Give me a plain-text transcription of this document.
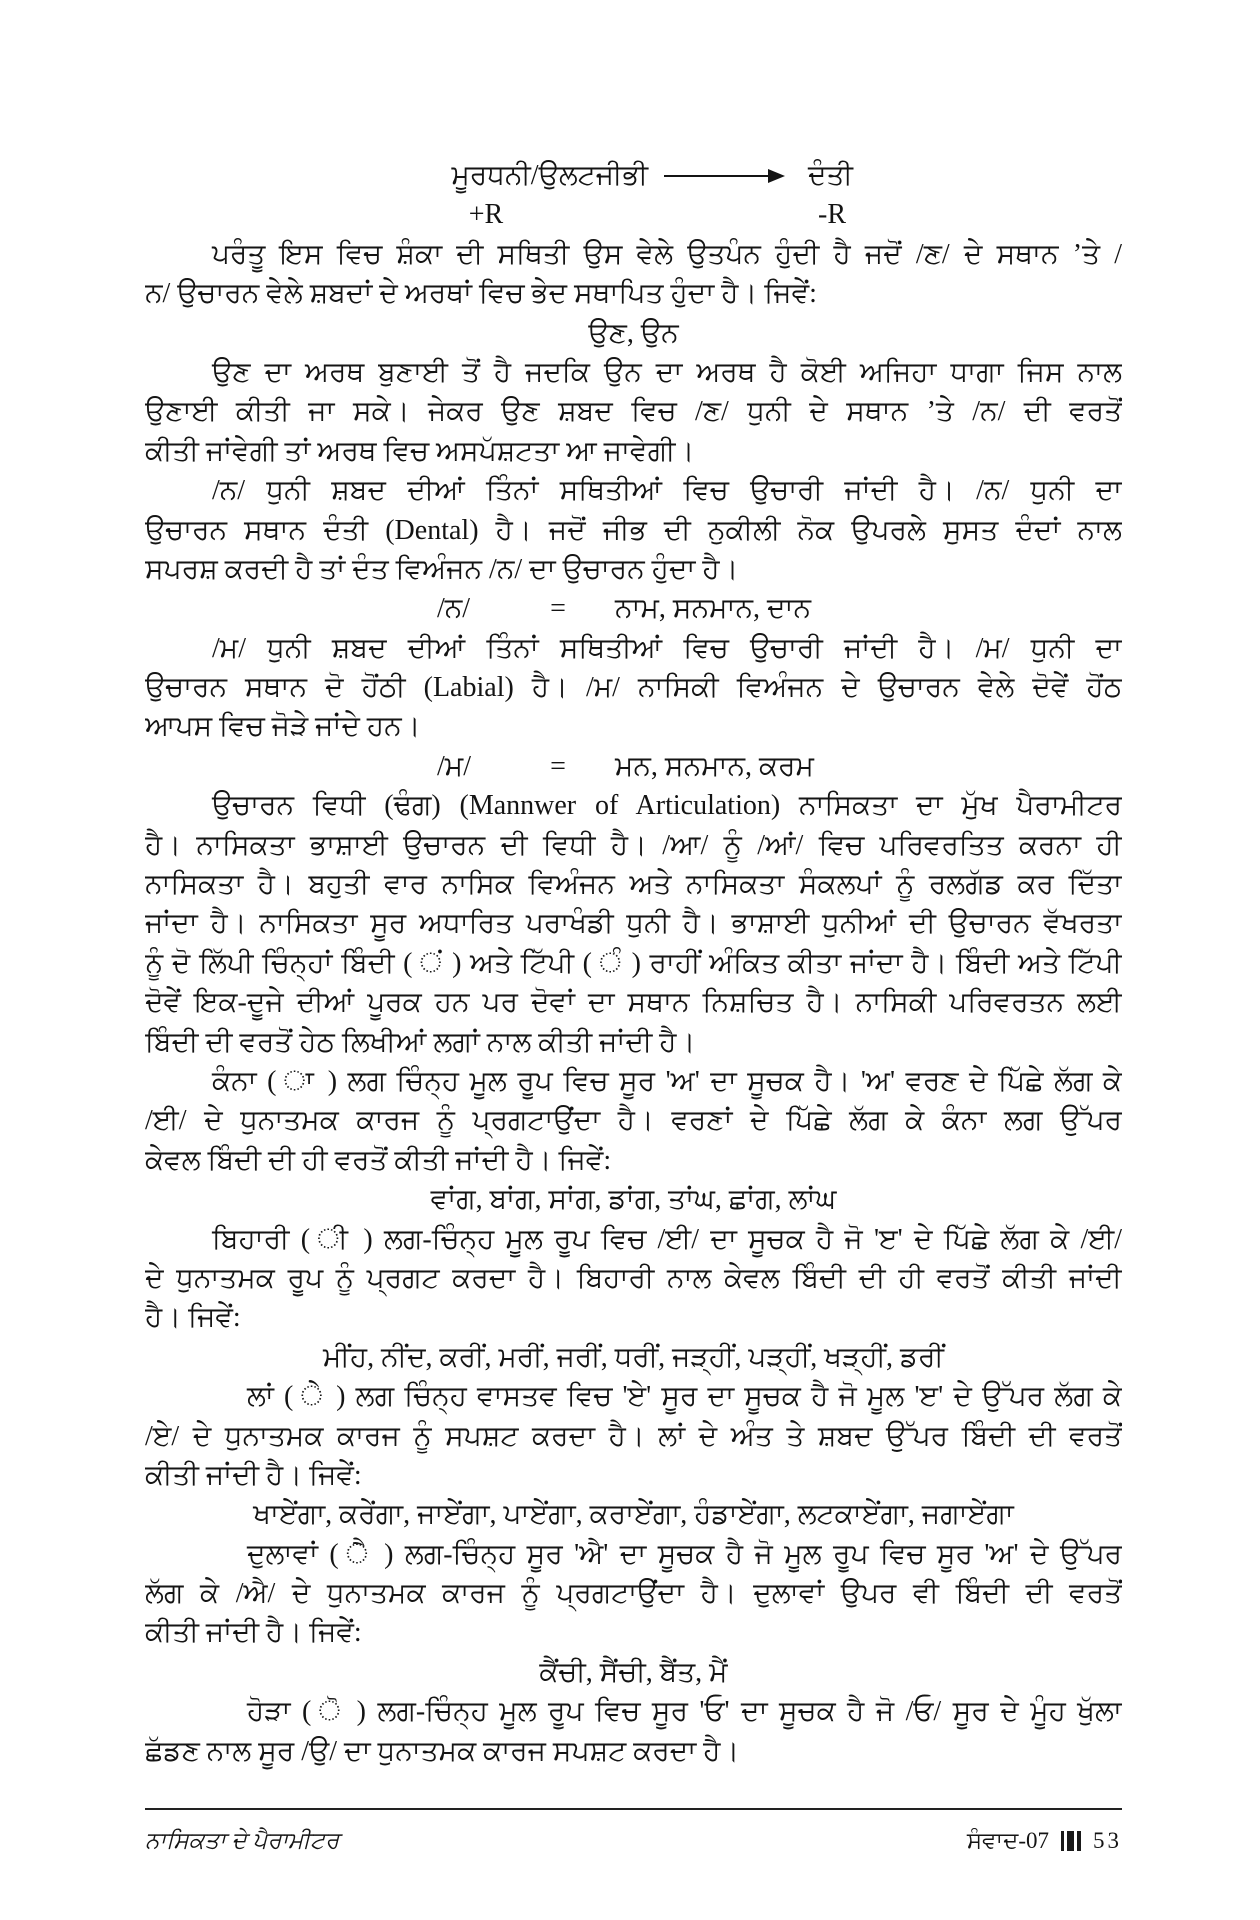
ਮੂਰਧਨੀ/ਉਲਟਜੀਭੀ	ਦੰਤੀ
+R	-R
ਪਰੰਤੂ ਇਸ ਵਿਚ ਸ਼ੰਕਾ ਦੀ ਸਥਿਤੀ ਉਸ ਵੇਲੇ ਉਤਪੰਨ ਹੁੰਦੀ ਹੈ ਜਦੋਂ /ਣ/ ਦੇ ਸਥਾਨ ’ਤੇ /
ਨ/ ਉਚਾਰਨ ਵੇਲੇ ਸ਼ਬਦਾਂ ਦੇ ਅਰਥਾਂ ਵਿਚ ਭੇਦ ਸਥਾਪਿਤ ਹੁੰਦਾ ਹੈ। ਜਿਵੇਂ:
ਉਣ, ਉਨ
ਉਣ ਦਾ ਅਰਥ ਬੁਣਾਈ ਤੋਂ ਹੈ ਜਦਕਿ ਉਨ ਦਾ ਅਰਥ ਹੈ ਕੋਈ ਅਜਿਹਾ ਧਾਗਾ ਜਿਸ ਨਾਲ
ਉਣਾਈ ਕੀਤੀ ਜਾ ਸਕੇ। ਜੇਕਰ ਉਣ ਸ਼ਬਦ ਵਿਚ /ਣ/ ਧੁਨੀ ਦੇ ਸਥਾਨ ’ਤੇ /ਨ/ ਦੀ ਵਰਤੋਂ
ਕੀਤੀ ਜਾਂਵੇਗੀ ਤਾਂ ਅਰਥ ਵਿਚ ਅਸਪੱਸ਼ਟਤਾ ਆ ਜਾਵੇਗੀ।
/ਨ/ ਧੁਨੀ ਸ਼ਬਦ ਦੀਆਂ ਤਿੰਨਾਂ ਸਥਿਤੀਆਂ ਵਿਚ ਉਚਾਰੀ ਜਾਂਦੀ ਹੈ। /ਨ/ ਧੁਨੀ ਦਾ
ਉਚਾਰਨ ਸਥਾਨ ਦੰਤੀ (Dental) ਹੈ। ਜਦੋਂ ਜੀਭ ਦੀ ਨੁਕੀਲੀ ਨੋਕ ਉਪਰਲੇ ਸੁਸਤ ਦੰਦਾਂ ਨਾਲ
ਸਪਰਸ਼ ਕਰਦੀ ਹੈ ਤਾਂ ਦੰਤ ਵਿਅੰਜਨ /ਨ/ ਦਾ ਉਚਾਰਨ ਹੁੰਦਾ ਹੈ।
/ਨ/	= ਨਾਮ, ਸਨਮਾਨ, ਦਾਨ
/ਮ/ ਧੁਨੀ ਸ਼ਬਦ ਦੀਆਂ ਤਿੰਨਾਂ ਸਥਿਤੀਆਂ ਵਿਚ ਉਚਾਰੀ ਜਾਂਦੀ ਹੈ। /ਮ/ ਧੁਨੀ ਦਾ
ਉਚਾਰਨ ਸਥਾਨ ਦੋ ਹੋਂਠੀ (Labial) ਹੈ। /ਮ/ ਨਾਸਿਕੀ ਵਿਅੰਜਨ ਦੇ ਉਚਾਰਨ ਵੇਲੇ ਦੋਵੇਂ ਹੋਂਠ
ਆਪਸ ਵਿਚ ਜੋੜੇ ਜਾਂਦੇ ਹਨ।
/ਮ/	= ਮਨ, ਸਨਮਾਨ, ਕਰਮ
ਉਚਾਰਨ ਵਿਧੀ (ਢੰਗ) (Mannwer of Articulation) ਨਾਸਿਕਤਾ ਦਾ ਮੁੱਖ ਪੈਰਾਮੀਟਰ
ਹੈ। ਨਾਸਿਕਤਾ ਭਾਸ਼ਾਈ ਉਚਾਰਨ ਦੀ ਵਿਧੀ ਹੈ। /ਆ/ ਨੂੰ /ਆਂ/ ਵਿਚ ਪਰਿਵਰਤਿਤ ਕਰਨਾ ਹੀ
ਨਾਸਿਕਤਾ ਹੈ। ਬਹੁਤੀ ਵਾਰ ਨਾਸਿਕ ਵਿਅੰਜਨ ਅਤੇ ਨਾਸਿਕਤਾ ਸੰਕਲਪਾਂ ਨੂੰ ਰਲਗੱਡ ਕਰ ਦਿੱਤਾ
ਜਾਂਦਾ ਹੈ। ਨਾਸਿਕਤਾ ਸੂਰ ਅਧਾਰਿਤ ਪਰਾਖੰਡੀ ਧੁਨੀ ਹੈ। ਭਾਸ਼ਾਈ ਧੁਨੀਆਂ ਦੀ ਉਚਾਰਨ ਵੱਖਰਤਾ
ਨੂੰ ਦੋ ਲਿੱਪੀ ਚਿੰਨ੍ਹਾਂ ਬਿੰਦੀ ( ਂ ) ਅਤੇ ਟਿੱਪੀ ( ੰ ) ਰਾਹੀਂ ਅੰਕਿਤ ਕੀਤਾ ਜਾਂਦਾ ਹੈ। ਬਿੰਦੀ ਅਤੇ ਟਿੱਪੀ
ਦੋਵੇਂ ਇਕ-ਦੂਜੇ ਦੀਆਂ ਪੂਰਕ ਹਨ ਪਰ ਦੋਵਾਂ ਦਾ ਸਥਾਨ ਨਿਸ਼ਚਿਤ ਹੈ। ਨਾਸਿਕੀ ਪਰਿਵਰਤਨ ਲਈ
ਬਿੰਦੀ ਦੀ ਵਰਤੋਂ ਹੇਠ ਲਿਖੀਆਂ ਲਗਾਂ ਨਾਲ ਕੀਤੀ ਜਾਂਦੀ ਹੈ।
ਕੰਨਾ ( ਾ ) ਲਗ ਚਿੰਨ੍ਹ ਮੂਲ ਰੂਪ ਵਿਚ ਸੂਰ 'ਅ' ਦਾ ਸੂਚਕ ਹੈ। 'ਅ' ਵਰਣ ਦੇ ਪਿੱਛੇ ਲੱਗ ਕੇ
/ਈ/ ਦੇ ਧੁਨਾਤਮਕ ਕਾਰਜ ਨੂੰ ਪ੍ਰਗਟਾਉਂਦਾ ਹੈ। ਵਰਣਾਂ ਦੇ ਪਿੱਛੇ ਲੱਗ ਕੇ ਕੰਨਾ ਲਗ ਉੱਪਰ
ਕੇਵਲ ਬਿੰਦੀ ਦੀ ਹੀ ਵਰਤੋਂ ਕੀਤੀ ਜਾਂਦੀ ਹੈ। ਜਿਵੇਂ:
ਵਾਂਗ, ਬਾਂਗ, ਸਾਂਗ, ਡਾਂਗ, ਤਾਂਘ, ਛਾਂਗ, ਲਾਂਘ
ਬਿਹਾਰੀ ( ੀ ) ਲਗ-ਚਿੰਨ੍ਹ ਮੂਲ ਰੂਪ ਵਿਚ /ਈ/ ਦਾ ਸੂਚਕ ਹੈ ਜੋ 'ੲ' ਦੇ ਪਿੱਛੇ ਲੱਗ ਕੇ /ਈ/
ਦੇ ਧੁਨਾਤਮਕ ਰੂਪ ਨੂੰ ਪ੍ਰਗਟ ਕਰਦਾ ਹੈ। ਬਿਹਾਰੀ ਨਾਲ ਕੇਵਲ ਬਿੰਦੀ ਦੀ ਹੀ ਵਰਤੋਂ ਕੀਤੀ ਜਾਂਦੀ
ਹੈ। ਜਿਵੇਂ:
ਮੀਂਹ, ਨੀਂਦ, ਕਰੀਂ, ਮਰੀਂ, ਜਰੀਂ, ਧਰੀਂ, ਜੜ੍ਹੀਂ, ਪੜ੍ਹੀਂ, ਖੜ੍ਹੀਂ, ਡਰੀਂ
ਲਾਂ ( ੇ ) ਲਗ ਚਿੰਨ੍ਹ ਵਾਸਤਵ ਵਿਚ 'ਏ' ਸੂਰ ਦਾ ਸੂਚਕ ਹੈ ਜੋ ਮੂਲ 'ੲ' ਦੇ ਉੱਪਰ ਲੱਗ ਕੇ
/ਏ/ ਦੇ ਧੁਨਾਤਮਕ ਕਾਰਜ ਨੂੰ ਸਪਸ਼ਟ ਕਰਦਾ ਹੈ। ਲਾਂ ਦੇ ਅੰਤ ਤੇ ਸ਼ਬਦ ਉੱਪਰ ਬਿੰਦੀ ਦੀ ਵਰਤੋਂ
ਕੀਤੀ ਜਾਂਦੀ ਹੈ। ਜਿਵੇਂ:
ਖਾਏਂਗਾ, ਕਰੇਂਗਾ, ਜਾਏਂਗਾ, ਪਾਏਂਗਾ, ਕਰਾਏਂਗਾ, ਹੰਡਾਏਂਗਾ, ਲਟਕਾਏਂਗਾ, ਜਗਾਏਂਗਾ
ਦੁਲਾਵਾਂ ( ੈ ) ਲਗ-ਚਿੰਨ੍ਹ ਸੂਰ 'ਐ' ਦਾ ਸੂਚਕ ਹੈ ਜੋ ਮੂਲ ਰੂਪ ਵਿਚ ਸੂਰ 'ਅ' ਦੇ ਉੱਪਰ
ਲੱਗ ਕੇ /ਐ/ ਦੇ ਧੁਨਾਤਮਕ ਕਾਰਜ ਨੂੰ ਪ੍ਰਗਟਾਉਂਦਾ ਹੈ। ਦੁਲਾਵਾਂ ਉਪਰ ਵੀ ਬਿੰਦੀ ਦੀ ਵਰਤੋਂ
ਕੀਤੀ ਜਾਂਦੀ ਹੈ। ਜਿਵੇਂ:
ਕੈਂਚੀ, ਸੈਂਚੀ, ਬੈਂਤ, ਮੈਂ
ਹੋੜਾ ( ੋ ) ਲਗ-ਚਿੰਨ੍ਹ ਮੂਲ ਰੂਪ ਵਿਚ ਸੂਰ 'ਓ' ਦਾ ਸੂਚਕ ਹੈ ਜੋ /ਓ/ ਸੂਰ ਦੇ ਮੂੰਹ ਖੁੱਲਾ
ਛੱਡਣ ਨਾਲ ਸੂਰ /ਉ/ ਦਾ ਧੁਨਾਤਮਕ ਕਾਰਜ ਸਪਸ਼ਟ ਕਰਦਾ ਹੈ।
ਨਾਸਿਕਤਾ ਦੇ ਪੈਰਾਮੀਟਰ	ਸੰਵਾਦ-07 53
